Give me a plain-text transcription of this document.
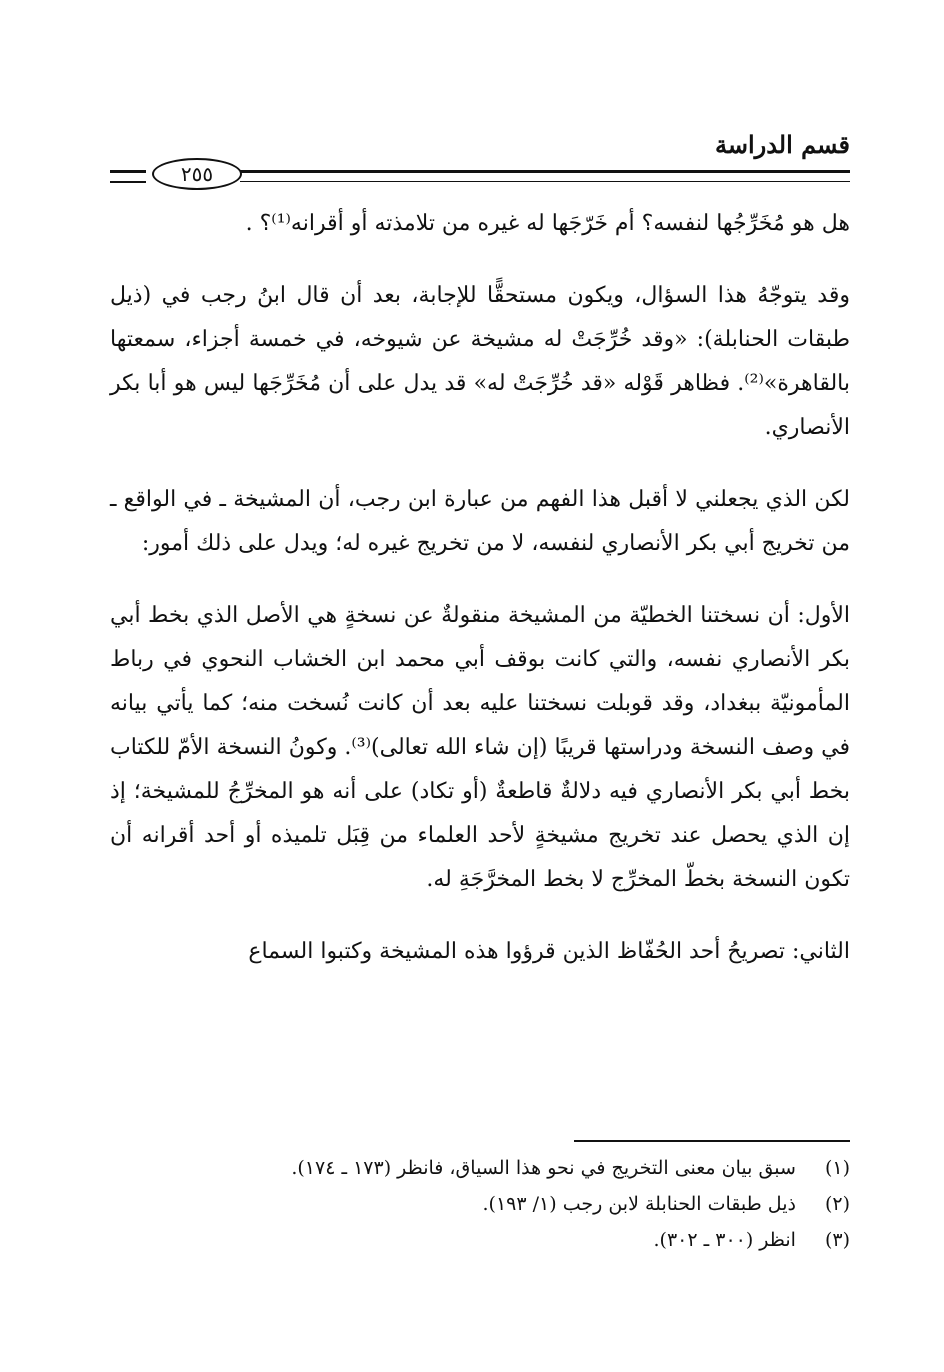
قسم الدراسة
٢٥٥

هل هو مُخَرِّجُها لنفسه؟ أم خَرّجَها له غيره من تلامذته أو أقرانه⁽¹⁾؟ .

وقد يتوجّهُ هذا السؤال، ويكون مستحقًّا للإجابة، بعد أن قال ابنُ رجب في (ذيل طبقات الحنابلة): «وقد خُرِّجَتْ له مشيخة عن شيوخه، في خمسة أجزاء، سمعتها بالقاهرة»⁽²⁾. فظاهر قَوْله «قد خُرِّجَتْ له» قد يدل على أن مُخَرِّجَها ليس هو أبا بكر الأنصاري.

لكن الذي يجعلني لا أقبل هذا الفهم من عبارة ابن رجب، أن المشيخة ـ في الواقع ـ من تخريج أبي بكر الأنصاري لنفسه، لا من تخريج غيره له؛ ويدل على ذلك أمور:

الأول: أن نسختنا الخطيّة من المشيخة منقولةٌ عن نسخةٍ هي الأصل الذي بخط أبي بكر الأنصاري نفسه، والتي كانت بوقف أبي محمد ابن الخشاب النحوي في رباط المأمونيّة ببغداد، وقد قوبلت نسختنا عليه بعد أن كانت نُسخت منه؛ كما يأتي بيانه في وصف النسخة ودراستها قريبًا (إن شاء الله تعالى)⁽³⁾. وكونُ النسخة الأمّ للكتاب بخط أبي بكر الأنصاري فيه دلالةٌ قاطعةٌ (أو تكاد) على أنه هو المخرِّجُ للمشيخة؛ إذ إن الذي يحصل عند تخريج مشيخةٍ لأحد العلماء من قِبَل تلميذه أو أحد أقرانه أن تكون النسخة بخطّ المخرِّج لا بخط المخرَّجَةِ له.

الثاني: تصريحُ أحد الحُفّاظ الذين قرؤوا هذه المشيخة وكتبوا السماع

(١) سبق بيان معنى التخريج في نحو هذا السياق، فانظر (١٧٣ ـ ١٧٤).
(٢) ذيل طبقات الحنابلة لابن رجب (١/ ١٩٣).
(٣) انظر (٣٠٠ ـ ٣٠٢).
